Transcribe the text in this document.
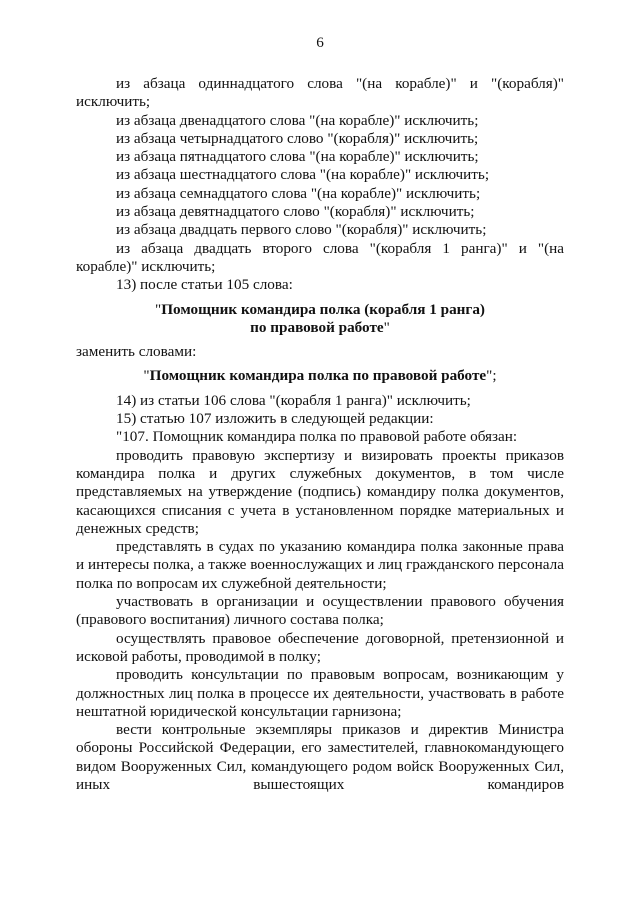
6

из абзаца одиннадцатого слова "(на корабле)" и "(корабля)" исключить;

из абзаца двенадцатого слова "(на корабле)" исключить;

из абзаца четырнадцатого слово "(корабля)" исключить;

из абзаца пятнадцатого слова "(на корабле)" исключить;

из абзаца шестнадцатого слова "(на корабле)" исключить;

из абзаца семнадцатого слова "(на корабле)" исключить;

из абзаца девятнадцатого слово "(корабля)" исключить;

из абзаца двадцать первого слово "(корабля)" исключить;

из абзаца двадцать второго слова "(корабля 1 ранга)" и "(на корабле)" исключить;

13) после статьи 105 слова:

"Помощник командира полка (корабля 1 ранга)

по правовой работе"

заменить словами:

"Помощник командира полка по правовой работе";

14) из статьи 106 слова "(корабля 1 ранга)" исключить;

15) статью 107 изложить в следующей редакции:

"107. Помощник командира полка по правовой работе обязан:

проводить правовую экспертизу и визировать проекты приказов командира полка и других служебных документов, в том числе представляемых на утверждение (подпись) командиру полка документов, касающихся списания с учета в установленном порядке материальных и денежных средств;

представлять в судах по указанию командира полка законные права и интересы полка, а также военнослужащих и лиц гражданского персонала полка по вопросам их служебной деятельности;

участвовать в организации и осуществлении правового обучения (правового воспитания) личного состава полка;

осуществлять правовое обеспечение договорной, претензионной и исковой работы, проводимой в полку;

проводить консультации по правовым вопросам, возникающим у должностных лиц полка в процессе их деятельности, участвовать в работе нештатной юридической консультации гарнизона;

вести контрольные экземпляры приказов и директив Министра обороны Российской Федерации, его заместителей, главнокомандующего видом Вооруженных Сил, командующего родом войск Вооруженных Сил, иных вышестоящих командиров
